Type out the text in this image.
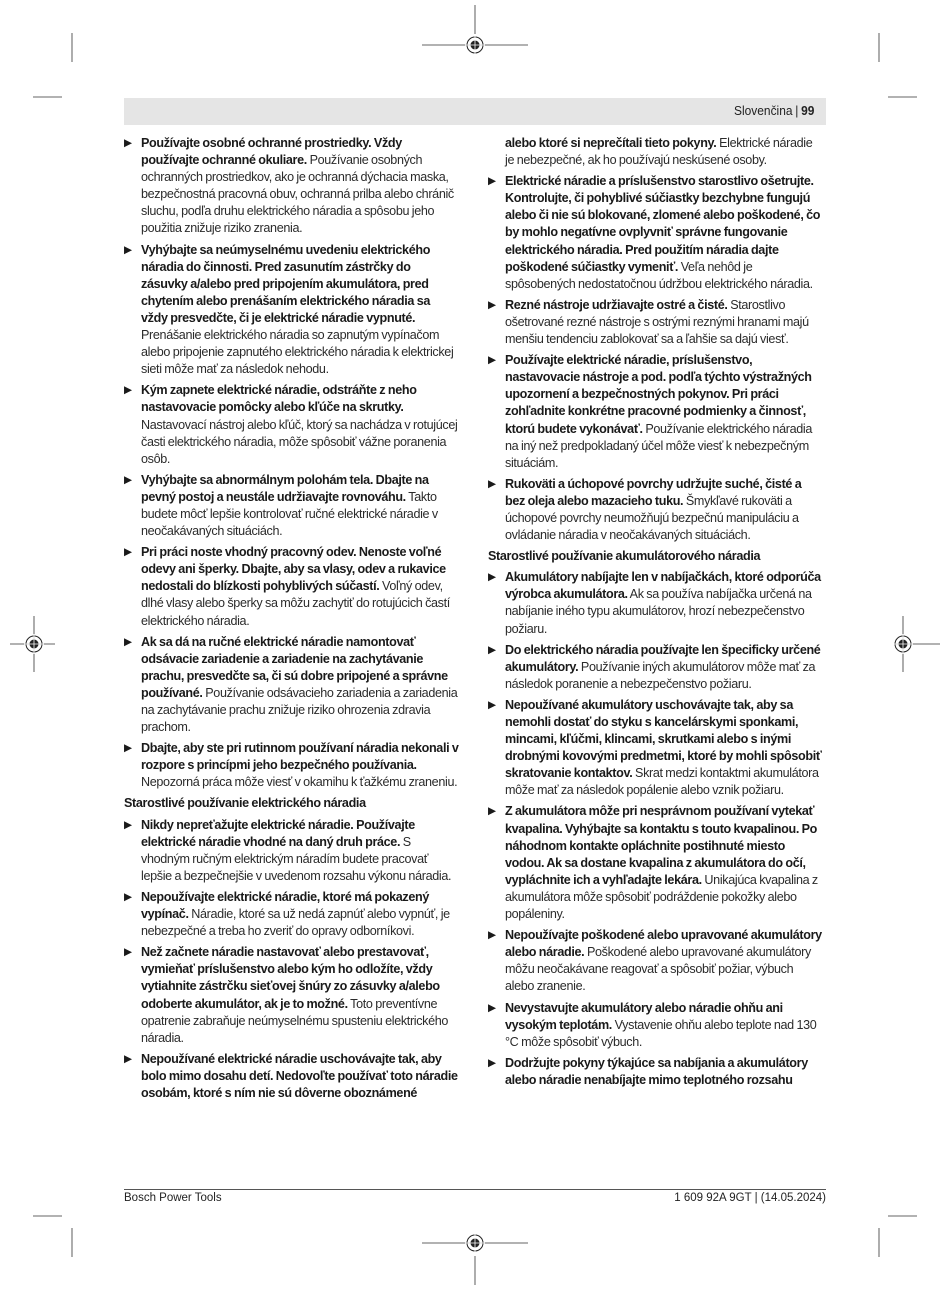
Slovenčina | 99
▶ Používajte osobné ochranné prostriedky. Vždy používajte ochranné okuliare. Používanie osobných ochranných prostriedkov, ako je ochranná dýchacia maska, bezpečnostná pracovná obuv, ochranná prilba alebo chránič sluchu, podľa druhu elektrického náradia a spôsobu jeho použitia znižuje riziko zranenia.
▶ Vyhýbajte sa neúmyselnému uvedeniu elektrického náradia do činnosti. Pred zasunutím zástrčky do zásuvky a/alebo pred pripojením akumulátora, pred chytením alebo prenášaním elektrického náradia sa vždy presvedčte, či je elektrické náradie vypnuté. Prenášanie elektrického náradia so zapnutým vypínačom alebo pripojenie zapnutého elektrického náradia k elektrickej sieti môže mať za následok nehodu.
▶ Kým zapnete elektrické náradie, odstráňte z neho nastavovacie pomôcky alebo kľúče na skrutky. Nastavovací nástroj alebo kľúč, ktorý sa nachádza v rotujúcej časti elektrického náradia, môže spôsobiť vážne poranenia osôb.
▶ Vyhýbajte sa abnormálnym polohám tela. Dbajte na pevný postoj a neustále udržiavajte rovnováhu. Takto budete môcť lepšie kontrolovať ručné elektrické náradie v neočakávaných situáciách.
▶ Pri práci noste vhodný pracovný odev. Nenoste voľné odevy ani šperky. Dbajte, aby sa vlasy, odev a rukavice nedostali do blízkosti pohyblivých súčastí. Voľný odev, dlhé vlasy alebo šperky sa môžu zachytiť do rotujúcich častí elektrického náradia.
▶ Ak sa dá na ručné elektrické náradie namontovať odsávacie zariadenie a zariadenie na zachytávanie prachu, presvedčte sa, či sú dobre pripojené a správne používané. Používanie odsávacieho zariadenia a zariadenia na zachytávanie prachu znižuje riziko ohrozenia zdravia prachom.
▶ Dbajte, aby ste pri rutinnom používaní náradia nekonali v rozpore s princípmi jeho bezpečného používania. Nepozorná práca môže viesť v okamihu k ťažkému zraneniu.
Starostlivé používanie elektrického náradia
▶ Nikdy nepreťažujte elektrické náradie. Používajte elektrické náradie vhodné na daný druh práce. S vhodným ručným elektrickým náradím budete pracovať lepšie a bezpečnejšie v uvedenom rozsahu výkonu náradia.
▶ Nepoužívajte elektrické náradie, ktoré má pokazený vypínač. Náradie, ktoré sa už nedá zapnúť alebo vypnúť, je nebezpečné a treba ho zveriť do opravy odborníkovi.
▶ Než začnete náradie nastavovať alebo prestavovať, vymieňať príslušenstvo alebo kým ho odložíte, vždy vytiahnite zástrčku sieťovej šnúry zo zásuvky a/alebo odoberte akumulátor, ak je to možné. Toto preventívne opatrenie zabraňuje neúmyselnému spusteniu elektrického náradia.
▶ Nepoužívané elektrické náradie uschovávajte tak, aby bolo mimo dosahu detí. Nedovoľte používať toto náradie osobám, ktoré s ním nie sú dôverne oboznámené
alebo ktoré si neprečítali tieto pokyny. Elektrické náradie je nebezpečné, ak ho používajú neskúsené osoby.
▶ Elektrické náradie a príslušenstvo starostlivo ošetrujte. Kontrolujte, či pohyblivé súčiastky bezchybne fungujú alebo či nie sú blokované, zlomené alebo poškodené, čo by mohlo negatívne ovplyvniť správne fungovanie elektrického náradia. Pred použitím náradia dajte poškodené súčiastky vymeniť. Veľa nehôd je spôsobených nedostatočnou údržbou elektrického náradia.
▶ Rezné nástroje udržiavajte ostré a čisté. Starostlivo ošetrované rezné nástroje s ostrými reznými hranami majú menšiu tendenciu zablokovať sa a ľahšie sa dajú viesť.
▶ Používajte elektrické náradie, príslušenstvo, nastavovacie nástroje a pod. podľa týchto výstražných upozornení a bezpečnostných pokynov. Pri práci zohľadnite konkrétne pracovné podmienky a činnosť, ktorú budete vykonávať. Používanie elektrického náradia na iný než predpokladaný účel môže viesť k nebezpečným situáciám.
▶ Rukoväti a úchopové povrchy udržujte suché, čisté a bez oleja alebo mazacieho tuku. Šmykľavé rukoväti a úchopové povrchy neumožňujú bezpečnú manipuláciu a ovládanie náradia v neočakávaných situáciách.
Starostlivé používanie akumulátorového náradia
▶ Akumulátory nabíjajte len v nabíjačkách, ktoré odporúča výrobca akumulátora. Ak sa používa nabíjačka určená na nabíjanie iného typu akumulátorov, hrozí nebezpečenstvo požiaru.
▶ Do elektrického náradia používajte len špecificky určené akumulátory. Používanie iných akumulátorov môže mať za následok poranenie a nebezpečenstvo požiaru.
▶ Nepoužívané akumulátory uschovávajte tak, aby sa nemohli dostať do styku s kancelárskymi sponkami, mincami, kľúčmi, klincami, skrutkami alebo s inými drobnými kovovými predmetmi, ktoré by mohli spôsobiť skratovanie kontaktov. Skrat medzi kontaktmi akumulátora môže mať za následok popálenie alebo vznik požiaru.
▶ Z akumulátora môže pri nesprávnom používaní vytekať kvapalina. Vyhýbajte sa kontaktu s touto kvapalinou. Po náhodnom kontakte opláchnite postihnuté miesto vodou. Ak sa dostane kvapalina z akumulátora do očí, vypláchnite ich a vyhľadajte lekára. Unikajúca kvapalina z akumulátora môže spôsobiť podráždenie pokožky alebo popáleniny.
▶ Nepoužívajte poškodené alebo upravované akumulátory alebo náradie. Poškodené alebo upravované akumulátory môžu neočakávane reagovať a spôsobiť požiar, výbuch alebo zranenie.
▶ Nevystavujte akumulátory alebo náradie ohňu ani vysokým teplotám. Vystavenie ohňu alebo teplote nad 130 °C môže spôsobiť výbuch.
▶ Dodržujte pokyny týkajúce sa nabíjania a akumulátory alebo náradie nenabíjajte mimo teplotného rozsahu
Bosch Power Tools	1 609 92A 9GT | (14.05.2024)
